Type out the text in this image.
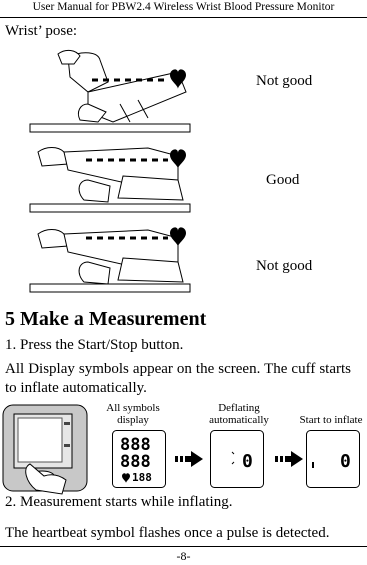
User Manual for PBW2.4 Wireless Wrist Blood Pressure Monitor
Wrist’ pose:
Not good
Good
Not good
5 Make a Measurement
1. Press the Start/Stop button.
All Display symbols appear on the screen. The cuff starts to inflate automatically.
All symbols display
Deflating automatically	Start to inflate
888
888
188
0	0
2. Measurement starts while inflating.
The heartbeat symbol flashes once a pulse is detected.
-8-
